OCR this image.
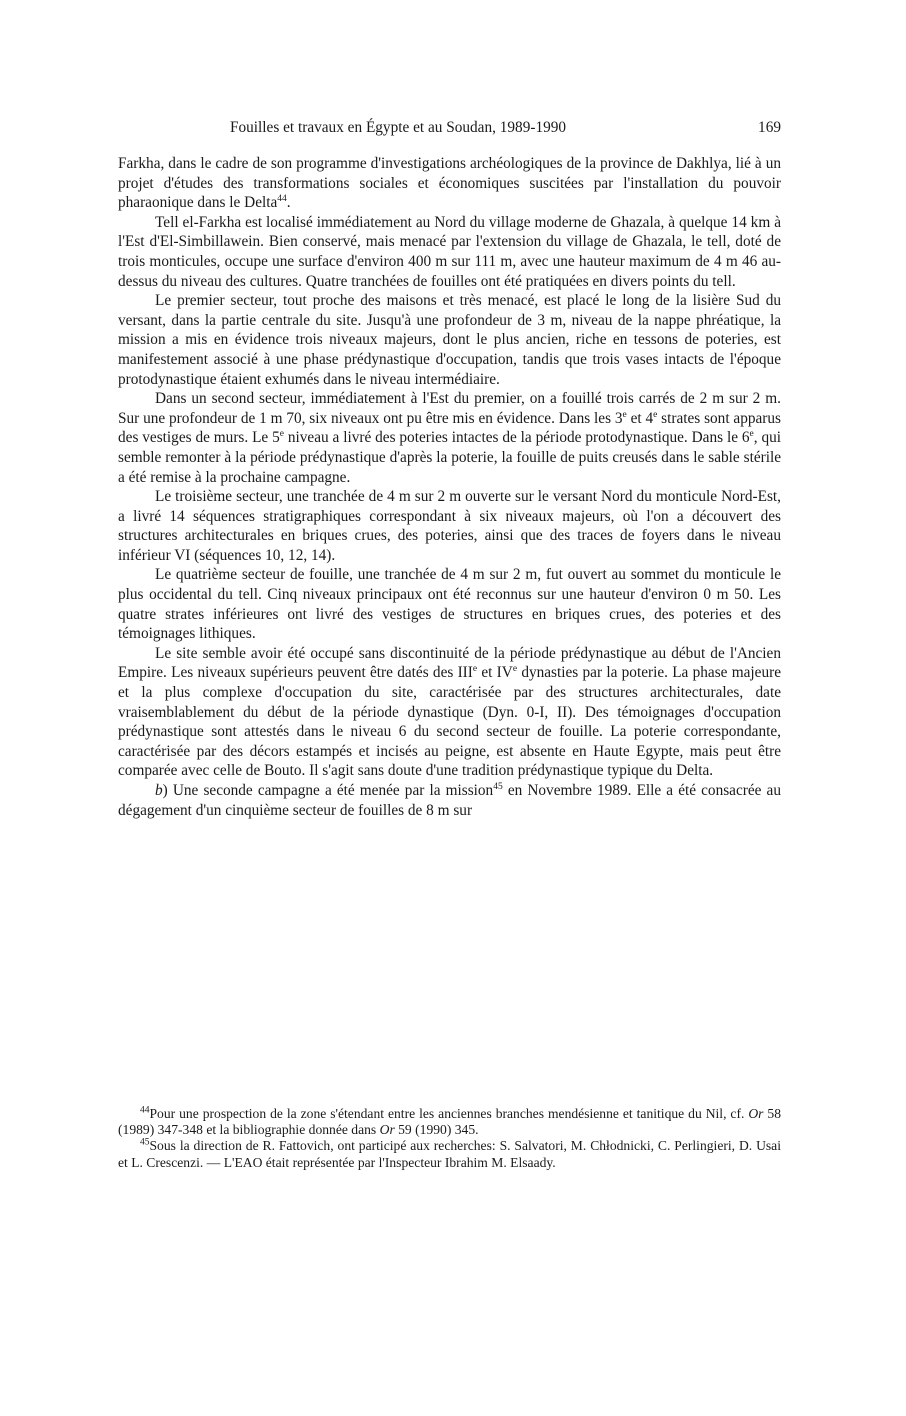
Fouilles et travaux en Égypte et au Soudan, 1989-1990	169

Farkha, dans le cadre de son programme d'investigations archéologiques de la province de Dakhlya, lié à un projet d'études des transformations sociales et économiques suscitées par l'installation du pouvoir pharaonique dans le Delta$^{44}$.

Tell el-Farkha est localisé immédiatement au Nord du village moderne de Ghazala, à quelque 14 km à l'Est d'El-Simbillawein. Bien conservé, mais menacé par l'extension du village de Ghazala, le tell, doté de trois monticules, occupe une surface d'environ 400 m sur 111 m, avec une hauteur maximum de 4 m 46 au-dessus du niveau des cultures. Quatre tranchées de fouilles ont été pratiquées en divers points du tell.

Le premier secteur, tout proche des maisons et très menacé, est placé le long de la lisière Sud du versant, dans la partie centrale du site. Jusqu'à une profondeur de 3 m, niveau de la nappe phréatique, la mission a mis en évidence trois niveaux majeurs, dont le plus ancien, riche en tessons de poteries, est manifestement associé à une phase prédynastique d'occupation, tandis que trois vases intacts de l'époque protodynastique étaient exhumés dans le niveau intermédiaire.

Dans un second secteur, immédiatement à l'Est du premier, on a fouillé trois carrés de 2 m sur 2 m. Sur une profondeur de 1 m 70, six niveaux ont pu être mis en évidence. Dans les 3e et 4e strates sont apparus des vestiges de murs. Le 5e niveau a livré des poteries intactes de la période protodynastique. Dans le 6e, qui semble remonter à la période prédynastique d'après la poterie, la fouille de puits creusés dans le sable stérile a été remise à la prochaine campagne.

Le troisième secteur, une tranchée de 4 m sur 2 m ouverte sur le versant Nord du monticule Nord-Est, a livré 14 séquences stratigraphiques correspondant à six niveaux majeurs, où l'on a découvert des structures architecturales en briques crues, des poteries, ainsi que des traces de foyers dans le niveau inférieur VI (séquences 10, 12, 14).

Le quatrième secteur de fouille, une tranchée de 4 m sur 2 m, fut ouvert au sommet du monticule le plus occidental du tell. Cinq niveaux principaux ont été reconnus sur une hauteur d'environ 0 m 50. Les quatre strates inférieures ont livré des vestiges de structures en briques crues, des poteries et des témoignages lithiques.

Le site semble avoir été occupé sans discontinuité de la période prédynastique au début de l'Ancien Empire. Les niveaux supérieurs peuvent être datés des IIIe et IVe dynasties par la poterie. La phase majeure et la plus complexe d'occupation du site, caractérisée par des structures architecturales, date vraisemblablement du début de la période dynastique (Dyn. 0-I, II). Des témoignages d'occupation prédynastique sont attestés dans le niveau 6 du second secteur de fouille. La poterie correspondante, caractérisée par des décors estampés et incisés au peigne, est absente en Haute Egypte, mais peut être comparée avec celle de Bouto. Il s'agit sans doute d'une tradition prédynastique typique du Delta.

b) Une seconde campagne a été menée par la mission$^{45}$ en Novembre 1989. Elle a été consacrée au dégagement d'un cinquième secteur de fouilles de 8 m sur

$^{44}$Pour une prospection de la zone s'étendant entre les anciennes branches mendésienne et tanitique du Nil, cf. Or 58 (1989) 347-348 et la bibliographie donnée dans Or 59 (1990) 345.

$^{45}$Sous la direction de R. Fattovich, ont participé aux recherches: S. Salvatori, M. Chłodnicki, C. Perlingieri, D. Usai et L. Crescenzi. — L'EAO était représentée par l'Inspecteur Ibrahim M. Elsaady.
